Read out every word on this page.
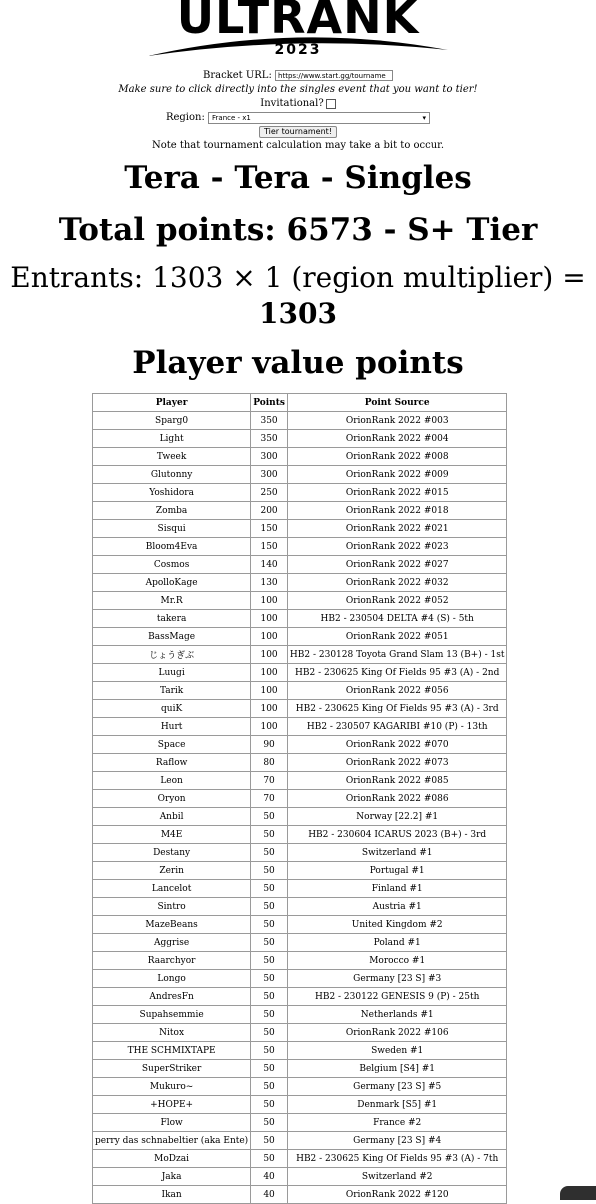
ULTRANK
2023
Bracket URL: https://www.start.gg/tourname
Make sure to click directly into the singles event that you want to tier!
Invitational?
Region: France - x1	▾
Tier tournament!
Note that tournament calculation may take a bit to occur.
Tera - Tera - Singles
Total points: 6573 - S+ Tier
Entrants: 1303 × 1 (region multiplier) =
1303
Player value points
Player	Points	Point Source
Sparg0	350	OrionRank 2022 #003
Light	350	OrionRank 2022 #004
Tweek	300	OrionRank 2022 #008
Glutonny	300	OrionRank 2022 #009
Yoshidora	250	OrionRank 2022 #015
Zomba	200	OrionRank 2022 #018
Sisqui	150	OrionRank 2022 #021
Bloom4Eva	150	OrionRank 2022 #023
Cosmos	140	OrionRank 2022 #027
ApolloKage	130	OrionRank 2022 #032
Mr.R	100	OrionRank 2022 #052
takera	100	HB2 - 230504 DELTA #4 (S) - 5th
BassMage	100	OrionRank 2022 #051
じょうぎぶ	100	HB2 - 230128 Toyota Grand Slam 13 (B+) - 1st
Luugi	100	HB2 - 230625 King Of Fields 95 #3 (A) - 2nd
Tarik	100	OrionRank 2022 #056
quiK	100	HB2 - 230625 King Of Fields 95 #3 (A) - 3rd
Hurt	100	HB2 - 230507 KAGARIBI #10 (P) - 13th
Space	90	OrionRank 2022 #070
Raflow	80	OrionRank 2022 #073
Leon	70	OrionRank 2022 #085
Oryon	70	OrionRank 2022 #086
Anbil	50	Norway [22.2] #1
M4E	50	HB2 - 230604 ICARUS 2023 (B+) - 3rd
Destany	50	Switzerland #1
Zerin	50	Portugal #1
Lancelot	50	Finland #1
Sintro	50	Austria #1
MazeBeans	50	United Kingdom #2
Aggrise	50	Poland #1
Raarchyor	50	Morocco #1
Longo	50	Germany [23 S] #3
AndresFn	50	HB2 - 230122 GENESIS 9 (P) - 25th
Supahsemmie	50	Netherlands #1
Nitox	50	OrionRank 2022 #106
THE SCHMIXTAPE	50	Sweden #1
SuperStriker	50	Belgium [S4] #1
Mukuro~	50	Germany [23 S] #5
+HOPE+	50	Denmark [S5] #1
Flow	50	France #2
perry das schnabeltier (aka Ente)	50	Germany [23 S] #4
MoDzai	50	HB2 - 230625 King Of Fields 95 #3 (A) - 7th
Jaka	40	Switzerland #2
Ikan	40	OrionRank 2022 #120
